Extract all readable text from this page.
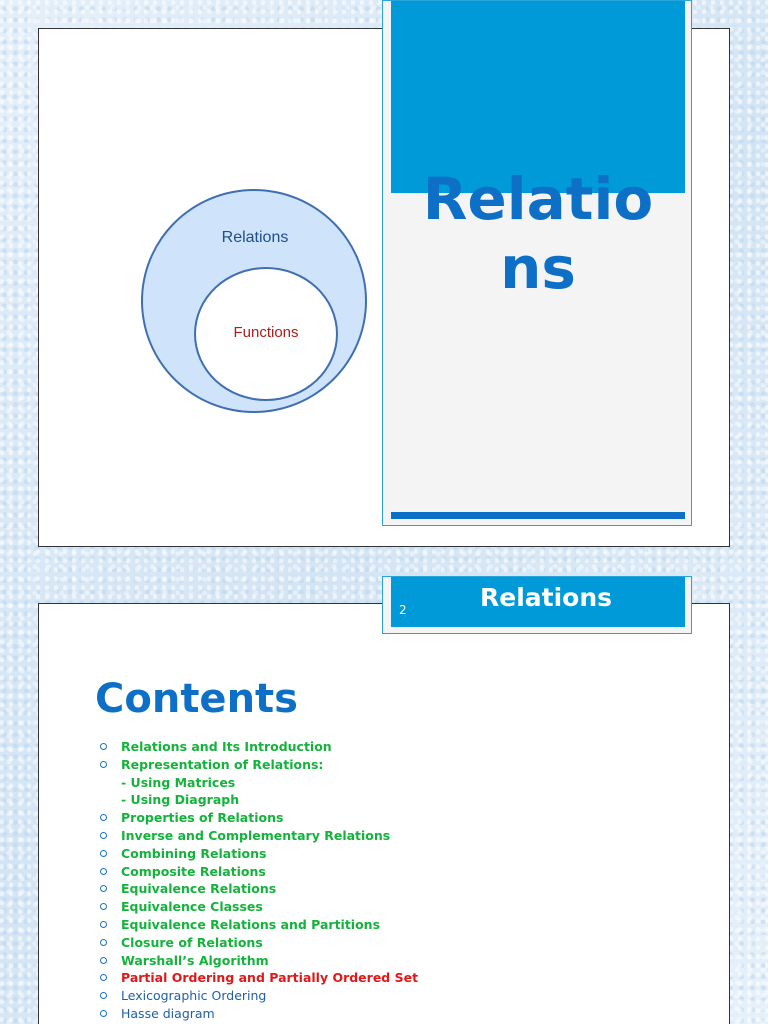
Relations
Functions
Relations
2	Relations
Contents
Relations and Its Introduction
Representation of Relations:
- Using Matrices
- Using Diagraph
Properties of Relations
Inverse and Complementary Relations
Combining Relations
Composite Relations
Equivalence Relations
Equivalence Classes
Equivalence Relations and Partitions
Closure of Relations
Warshall’s Algorithm
Partial Ordering and Partially Ordered Set
Lexicographic Ordering
Hasse diagram
